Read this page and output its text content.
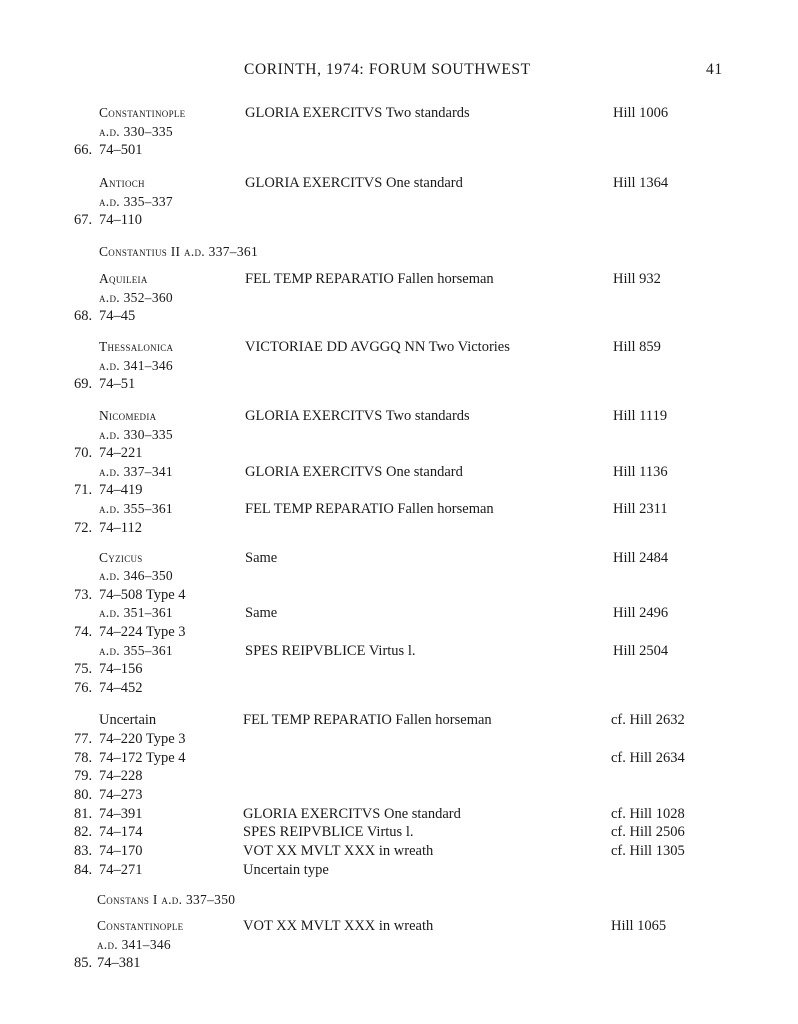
CORINTH, 1974: FORUM SOUTHWEST	41
Constantinople	GLORIA EXERCITVS Two standards	Hill 1006
a.d. 330–335
66. 74–501
Antioch	GLORIA EXERCITVS One standard	Hill 1364
a.d. 335–337
67. 74–110
Constantius II a.d. 337–361
Aquileia	FEL TEMP REPARATIO Fallen horseman	Hill 932
a.d. 352–360
68. 74–45
Thessalonica	VICTORIAE DD AVGGQ NN Two Victories	Hill 859
a.d. 341–346
69. 74–51
Nicomedia	GLORIA EXERCITVS Two standards	Hill 1119
a.d. 330–335
70. 74–221
a.d. 337–341	GLORIA EXERCITVS One standard	Hill 1136
71. 74–419
a.d. 355–361	FEL TEMP REPARATIO Fallen horseman	Hill 2311
72. 74–112
Cyzicus	Same	Hill 2484
a.d. 346–350
73. 74–508 Type 4
a.d. 351–361	Same	Hill 2496
74. 74–224 Type 3
a.d. 355–361	SPES REIPVBLICE Virtus l.	Hill 2504
75. 74–156
76. 74–452
Uncertain	FEL TEMP REPARATIO Fallen horseman	cf. Hill 2632
77. 74–220 Type 3
78. 74–172 Type 4	cf. Hill 2634
79. 74–228
80. 74–273
81. 74–391	GLORIA EXERCITVS One standard	cf. Hill 1028
82. 74–174	SPES REIPVBLICE Virtus l.	cf. Hill 2506
83. 74–170	VOT XX MVLT XXX in wreath	cf. Hill 1305
84. 74–271	Uncertain type
Constans I a.d. 337–350
Constantinople	VOT XX MVLT XXX in wreath	Hill 1065
a.d. 341–346
85. 74–381
